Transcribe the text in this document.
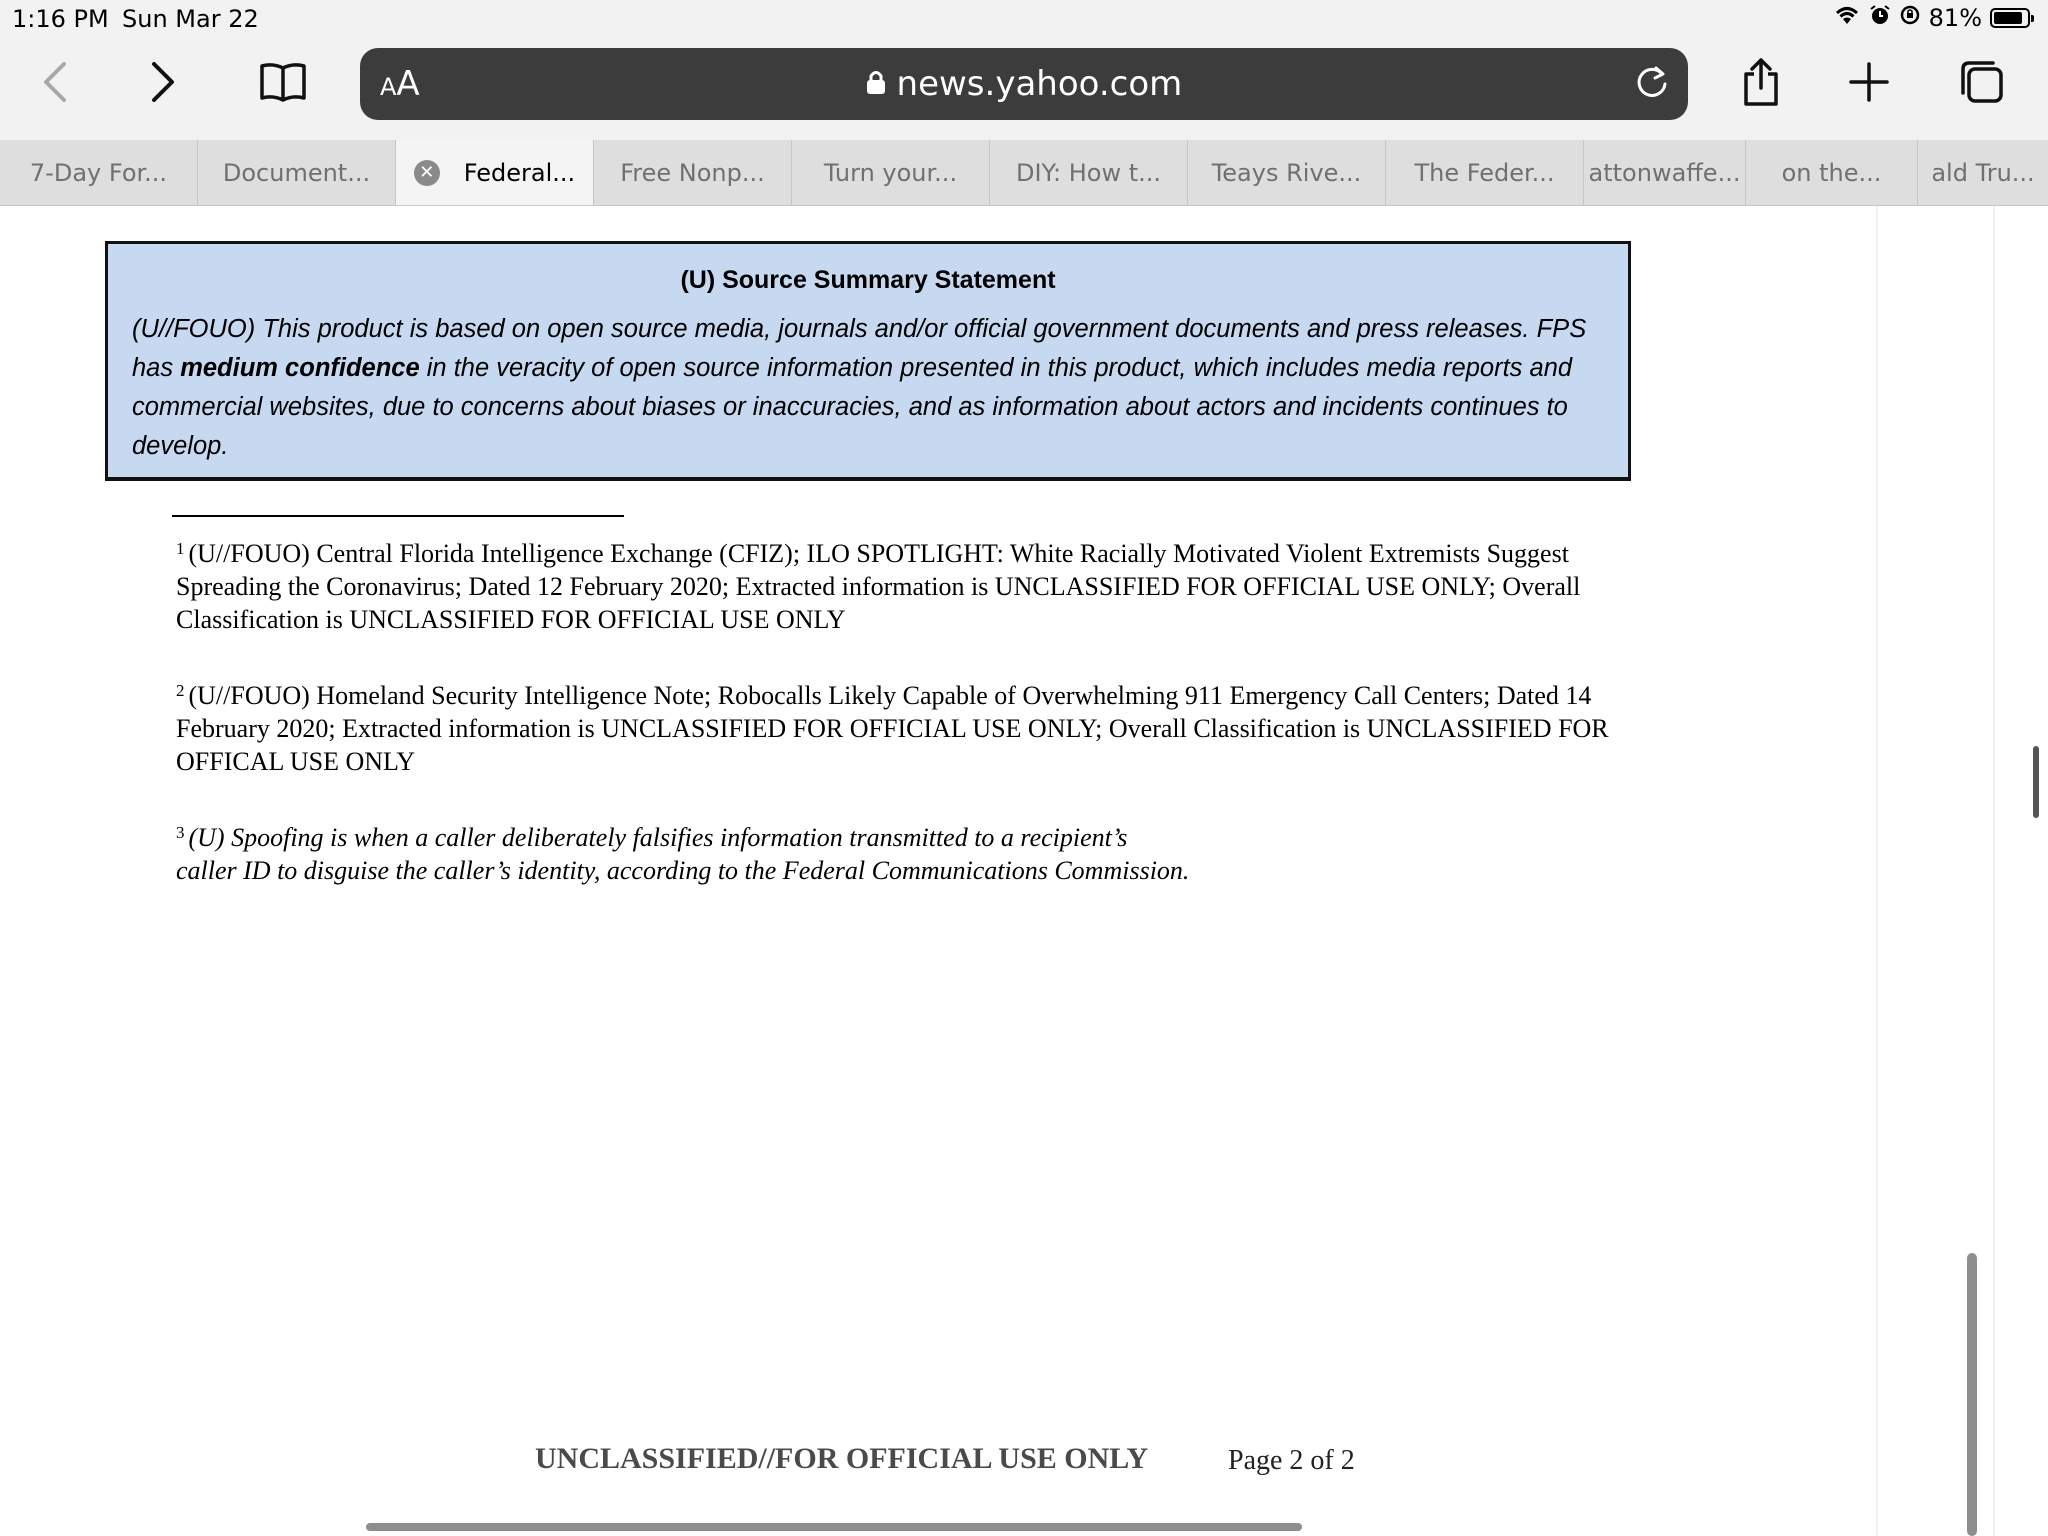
1:16 PM Sun Mar 22	81%
AA	news.yahoo.com
7-Day For... Document...	✕ Federal... Free Nonp... Turn your... DIY: How t... Teays Rive... The Feder... attonwaffe... on the... ald Tru...
(U) Source Summary Statement
(U//FOUO) This product is based on open source media, journals and/or official government documents and press releases. FPS has medium confidence in the veracity of open source information presented in this product, which includes media reports and commercial websites, due to concerns about biases or inaccuracies, and as information about actors and incidents continues to develop.
$^1$ (U//FOUO) Central Florida Intelligence Exchange (CFIZ); ILO SPOTLIGHT: White Racially Motivated Violent Extremists Suggest Spreading the Coronavirus; Dated 12 February 2020; Extracted information is UNCLASSIFIED FOR OFFICIAL USE ONLY; Overall Classification is UNCLASSIFIED FOR OFFICIAL USE ONLY
$^2$ (U//FOUO) Homeland Security Intelligence Note; Robocalls Likely Capable of Overwhelming 911 Emergency Call Centers; Dated 14 February 2020; Extracted information is UNCLASSIFIED FOR OFFICIAL USE ONLY; Overall Classification is UNCLASSIFIED FOR OFFICAL USE ONLY
$^3$ (U) Spoofing is when a caller deliberately falsifies information transmitted to a recipient’s
caller ID to disguise the caller’s identity, according to the Federal Communications Commission.
UNCLASSIFIED//FOR OFFICIAL USE ONLY	Page 2 of 2
